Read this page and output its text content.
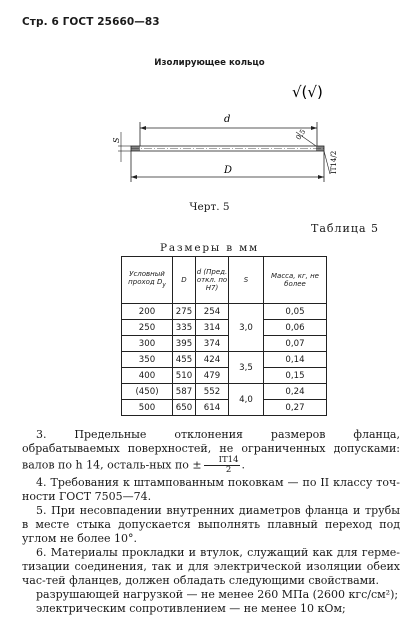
Стр. 6 ГОСТ 25660—83
Изолирующее кольцо
√(√)
d
S	0,5
IT14/2
D
Черт. 5
Таблица 5
Размеры в мм
Условный проход $D_у$	D	d (Пред. откл. по H7)	S	Масса, кг, не более
200	275	254	3,0	0,05
250	335	314		0,06
300	395	374		0,07
350	455	424	3,5	0,14
400	510	479		0,15
(450)	587	552	4,0	0,24
500	650	614		0,27
3. Предельные отклонения размеров фланца, обрабатываемых поверхностей, не ограниченных допусками: валов по h 14, осталь-ных по ± $\frac{IT14}{2}$ .
4. Требования к штампованным поковкам — по II классу точ-ности ГОСТ 7505—74.
5. При несовпадении внутренних диаметров фланца и трубы в месте стыка допускается выполнять плавный переход под углом не более 10°.
6. Материалы прокладки и втулок, служащий как для герме-тизации соединения, так и для электрической изоляции обеих час-тей фланцев, должен обладать следующими свойствами.
разрушающей нагрузкой — не менее 260 МПа (2600 кгс/см²);
электрическим сопротивлением — не менее 10 кОм;
